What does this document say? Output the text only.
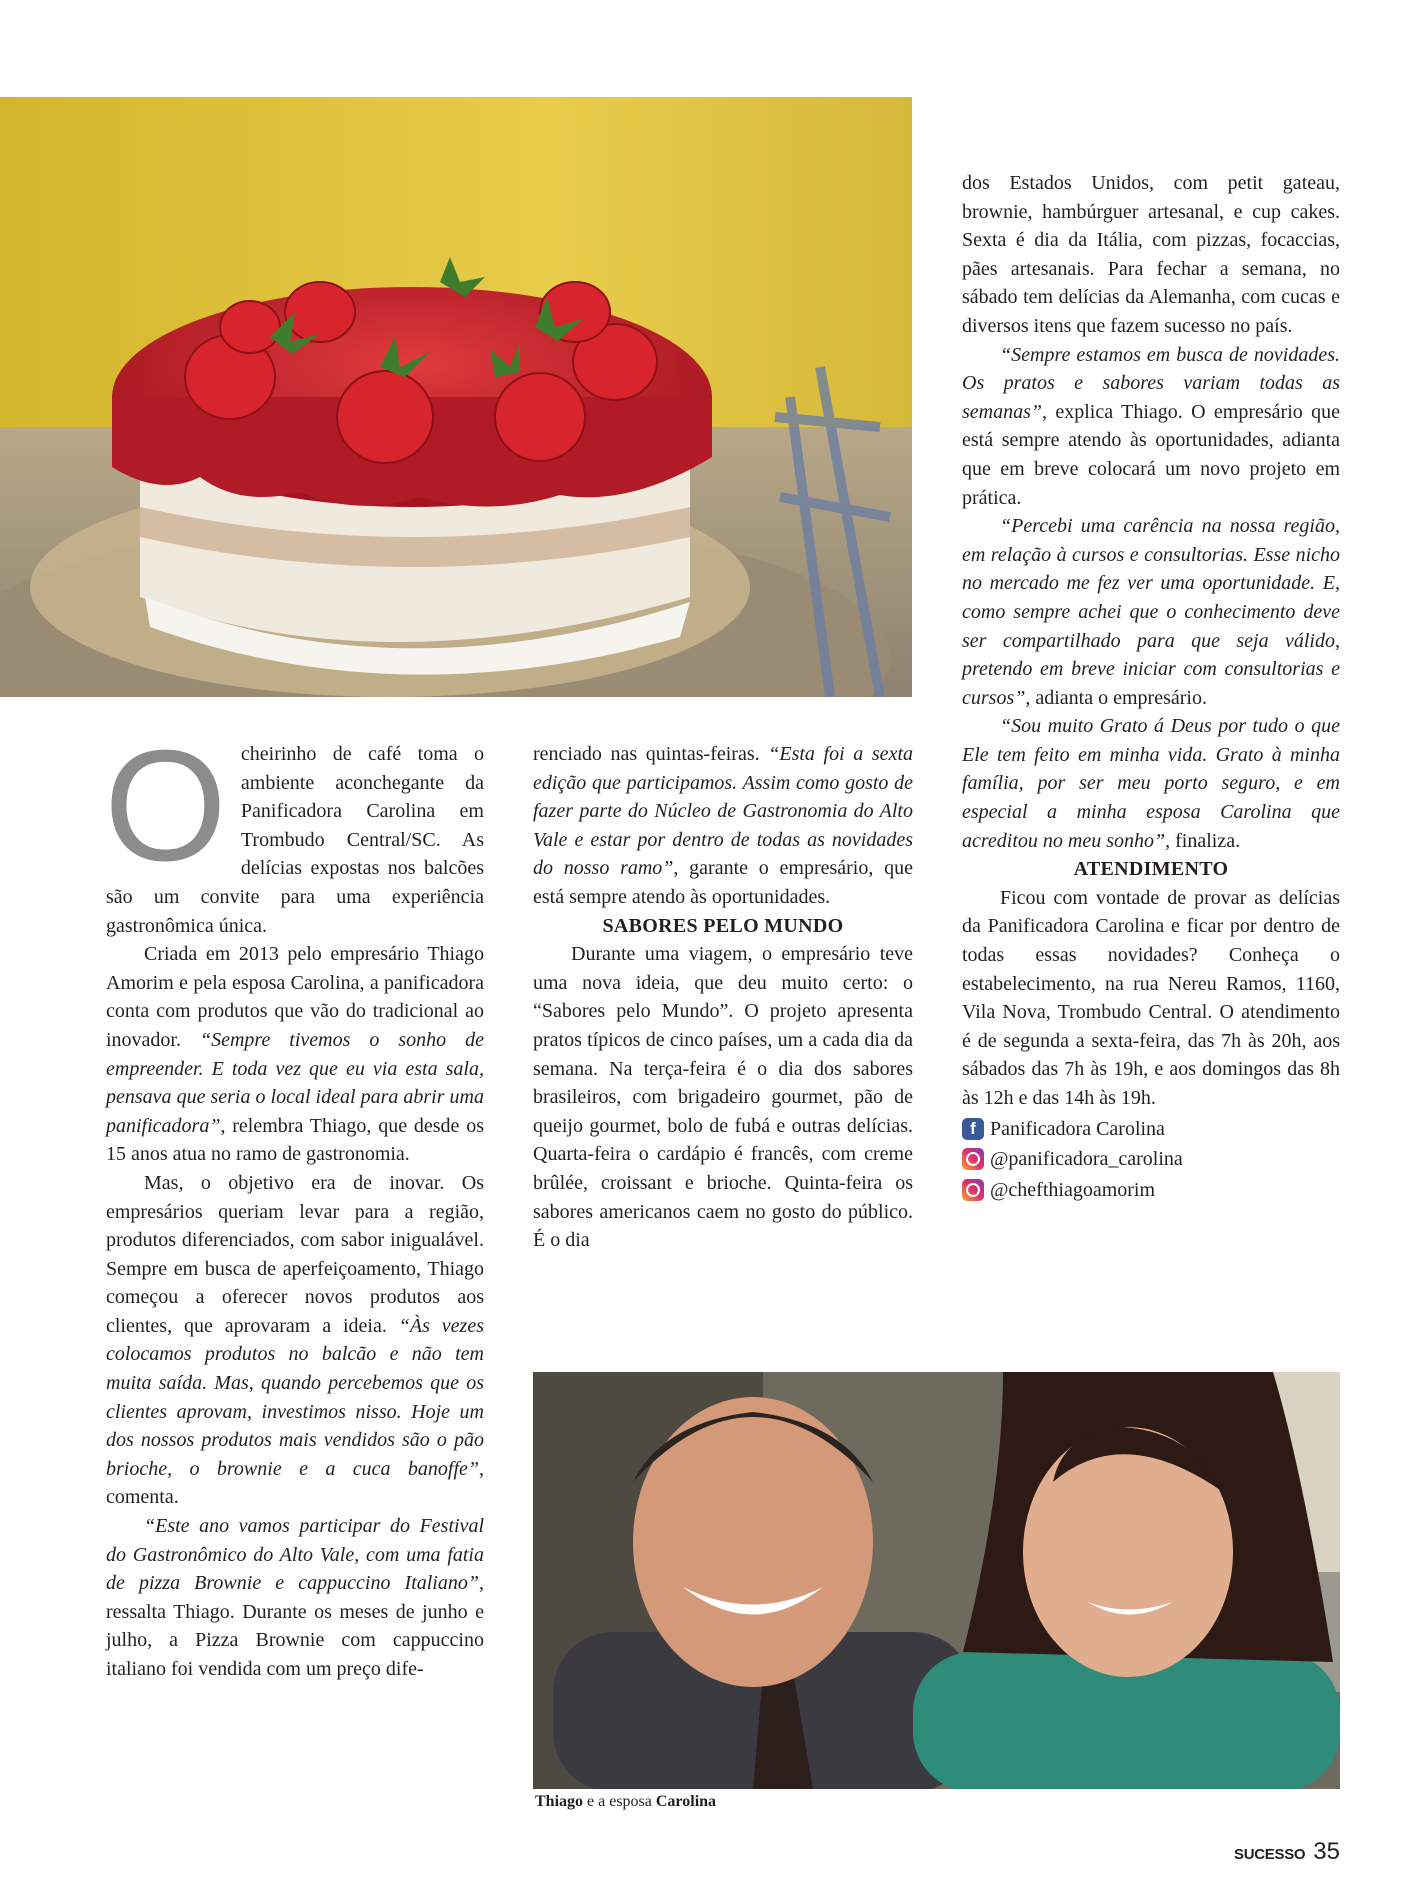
Ocheirinho de café toma o ambiente aconchegante da Panificadora Carolina em Trombudo Central/SC. As delícias expostas nos balcões são um convite para uma experiência gastronômica única.

Criada em 2013 pelo empresário Thiago Amorim e pela esposa Carolina, a panificadora conta com produtos que vão do tradicional ao inovador. “Sempre tivemos o sonho de empreender. E toda vez que eu via esta sala, pensava que seria o local ideal para abrir uma panificadora”, relembra Thiago, que desde os 15 anos atua no ramo de gastronomia.

Mas, o objetivo era de inovar. Os empresários queriam levar para a região, produtos diferenciados, com sabor inigualável. Sempre em busca de aperfeiçoamento, Thiago começou a oferecer novos produtos aos clientes, que aprovaram a ideia. “Às vezes colocamos produtos no balcão e não tem muita saída. Mas, quando percebemos que os clientes aprovam, investimos nisso. Hoje um dos nossos produtos mais vendidos são o pão brioche, o brownie e a cuca banoffe”, comenta.

“Este ano vamos participar do Festival do Gastronômico do Alto Vale, com uma fatia de pizza Brownie e cappuccino Italiano”, ressalta Thiago. Durante os meses de junho e julho, a Pizza Brownie com cappuccino italiano foi vendida com um preço dife-

renciado nas quintas-feiras. “Esta foi a sexta edição que participamos. Assim como gosto de fazer parte do Núcleo de Gastronomia do Alto Vale e estar por dentro de todas as novidades do nosso ramo”, garante o empresário, que está sempre atendo às oportunidades.

SABORES PELO MUNDO

Durante uma viagem, o empresário teve uma nova ideia, que deu muito certo: o “Sabores pelo Mundo”. O projeto apresenta pratos típicos de cinco países, um a cada dia da semana. Na terça-feira é o dia dos sabores brasileiros, com brigadeiro gourmet, pão de queijo gourmet, bolo de fubá e outras delícias. Quarta-feira o cardápio é francês, com creme brûlée, croissant e brioche. Quinta-feira os sabores americanos caem no gosto do público. É o dia

dos Estados Unidos, com petit gateau, brownie, hambúrguer artesanal, e cup cakes. Sexta é dia da Itália, com pizzas, focaccias, pães artesanais. Para fechar a semana, no sábado tem delícias da Alemanha, com cucas e diversos itens que fazem sucesso no país.

“Sempre estamos em busca de novidades. Os pratos e sabores variam todas as semanas”, explica Thiago. O empresário que está sempre atendo às oportunidades, adianta que em breve colocará um novo projeto em prática.

“Percebi uma carência na nossa região, em relação à cursos e consultorias. Esse nicho no mercado me fez ver uma oportunidade. E, como sempre achei que o conhecimento deve ser compartilhado para que seja válido, pretendo em breve iniciar com consultorias e cursos”, adianta o empresário.

“Sou muito Grato á Deus por tudo o que Ele tem feito em minha vida. Grato à minha família, por ser meu porto seguro, e em especial a minha esposa Carolina que acreditou no meu sonho”, finaliza.

ATENDIMENTO

Ficou com vontade de provar as delícias da Panificadora Carolina e ficar por dentro de todas essas novidades? Conheça o estabelecimento, na rua Nereu Ramos, 1160, Vila Nova, Trombudo Central. O atendimento é de segunda a sexta-feira, das 7h às 20h, aos sábados das 7h às 19h, e aos domingos das 8h às 12h e das 14h às 19h.

f Panificadora Carolina
@panificadora_carolina
@chefthiagoamorim
Thiago e a esposa Carolina
SUCESSO 35
